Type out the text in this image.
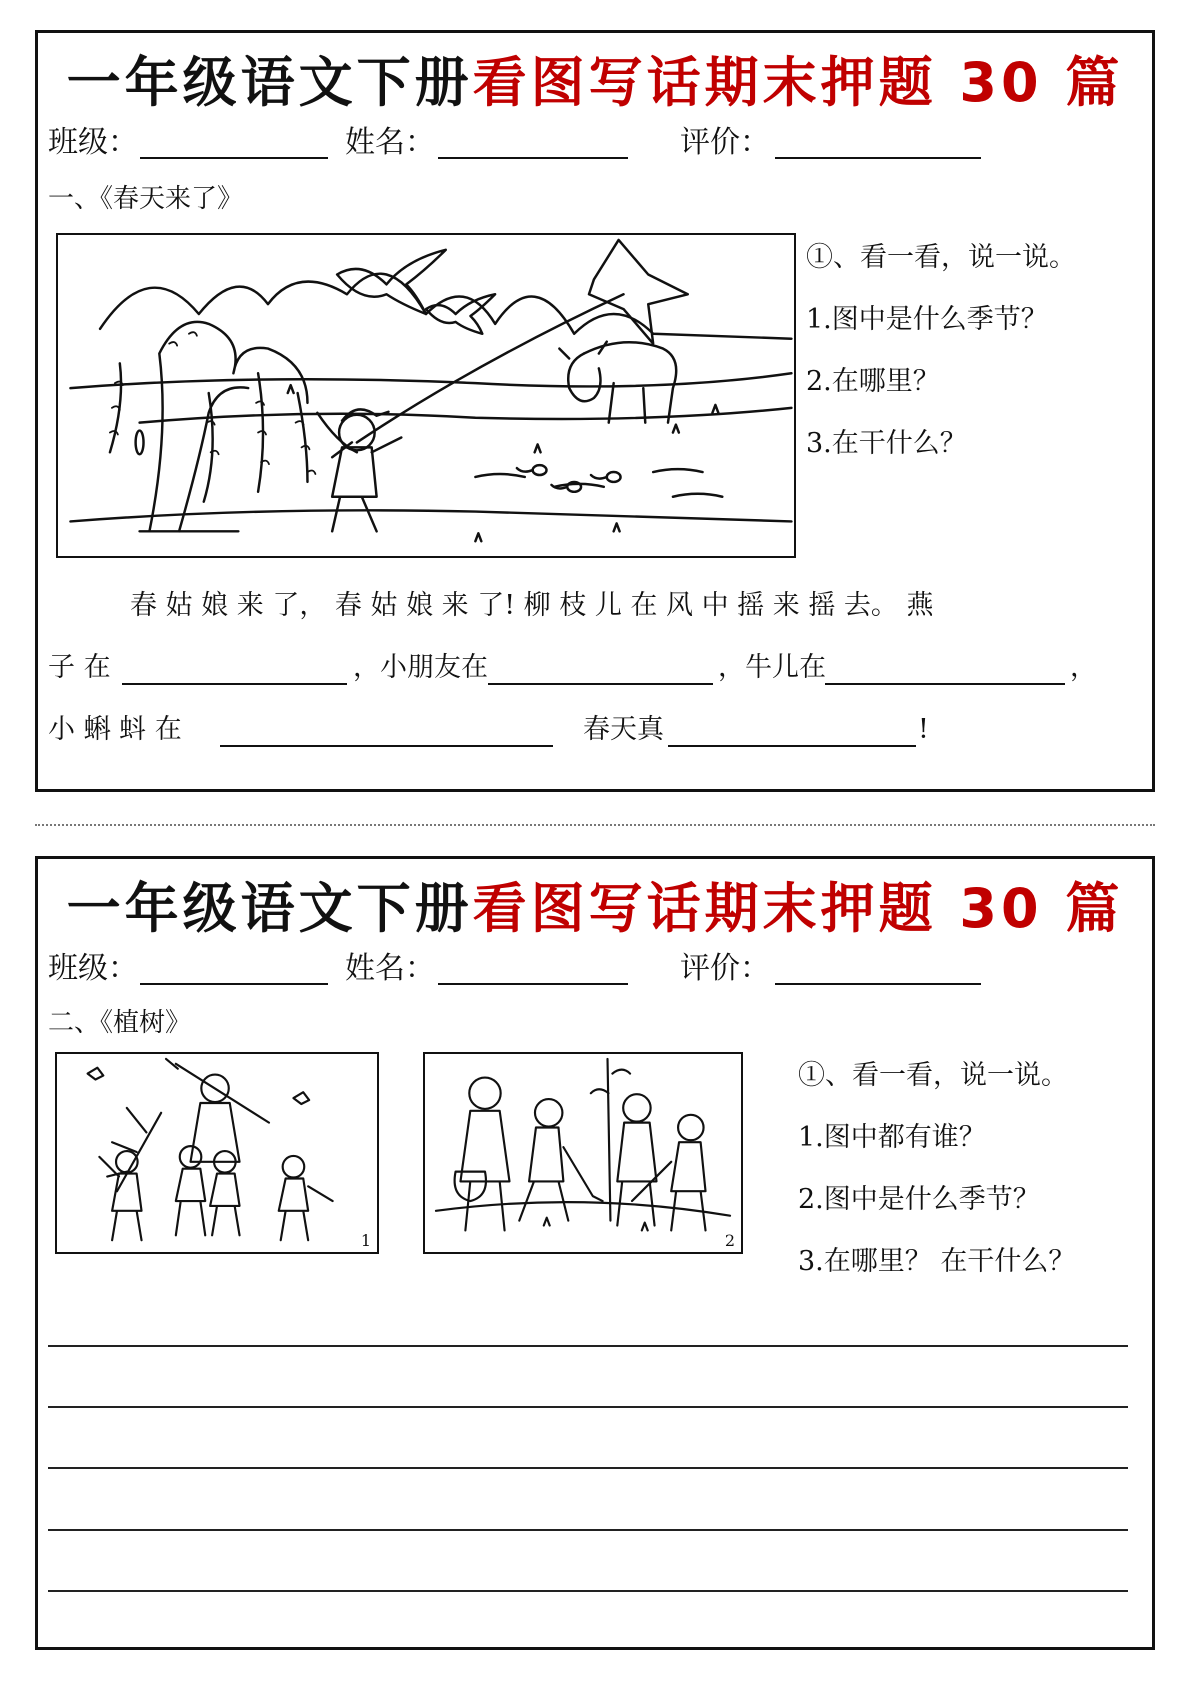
一年级语文下册看图写话期末押题 30 篇
班级：	姓名：	评价：
一、《春天来了》
①、看一看，说一说。
1.图中是什么季节？
2.在哪里？
3.在干什么？
春 姑 娘 来 了， 春 姑 娘 来 了! 柳 枝 儿 在 风 中 摇 来 摇 去。 燕
子 在	，小朋友在	，牛儿在	，
小 蝌 蚪 在	春天真	!
一年级语文下册看图写话期末押题 30 篇
班级：	姓名：	评价：
二、《植树》
1	2
①、看一看，说一说。
1.图中都有谁？
2.图中是什么季节？
3.在哪里？ 在干什么？
